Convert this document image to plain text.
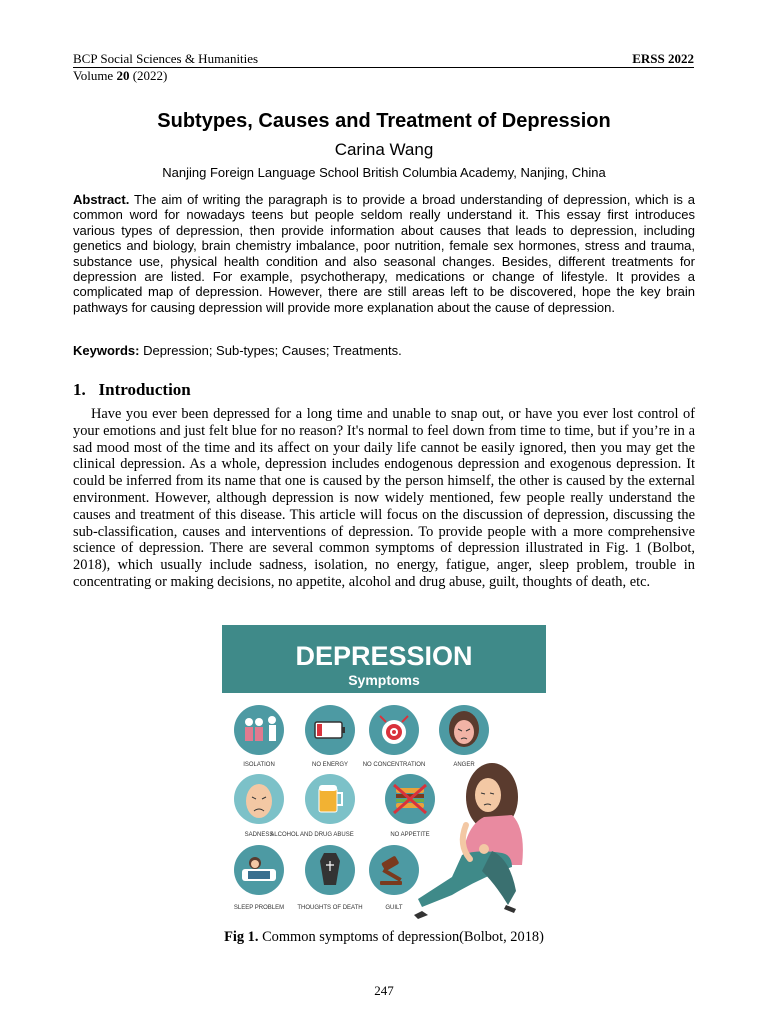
BCP Social Sciences & Humanities	ERSS 2022
Volume 20 (2022)
Subtypes, Causes and Treatment of Depression
Carina Wang
Nanjing Foreign Language School British Columbia Academy, Nanjing, China

Abstract. The aim of writing the paragraph is to provide a broad understanding of depression, which is a common word for nowadays teens but people seldom really understand it. This essay first introduces various types of depression, then provide information about causes that leads to depression, including genetics and biology, brain chemistry imbalance, poor nutrition, female sex hormones, stress and trauma, substance use, physical health condition and also seasonal changes. Besides, different treatments for depression are listed. For example, psychotherapy, medications or change of lifestyle. It provides a complicated map of depression. However, there are still areas left to be discovered, hope the key brain pathways for causing depression will provide more explanation about the cause of depression.

Keywords: Depression; Sub-types; Causes; Treatments.

1. Introduction

Have you ever been depressed for a long time and unable to snap out, or have you ever lost control of your emotions and just felt blue for no reason? It's normal to feel down from time to time, but if you’re in a sad mood most of the time and its affect on your daily life cannot be easily ignored, then you may get the clinical depression. As a whole, depression includes endogenous depression and exogenous depression. It could be inferred from its name that one is caused by the person himself, the other is caused by the external environment. However, although depression is now widely mentioned, few people really understand the causes and treatment of this disease. This article will focus on the discussion of depression, discussing the sub-classification, causes and interventions of depression. To provide people with a more comprehensive science of depression. There are several common symptoms of depression illustrated in Fig. 1 (Bolbot, 2018), which usually include sadness, isolation, no energy, fatigue, anger, sleep problem, trouble in concentrating or making decisions, no appetite, alcohol and drug abuse, guilt, thoughts of death, etc.

DEPRESSION
Symptoms
ISOLATION	NO ENERGY NO CONCENTRATION	ANGER
SADNESS
ALCOHOL AND DRUG ABUSE	NO APPETITE
SLEEP PROBLEM THOUGHTS OF DEATH	GUILT
Fig 1. Common symptoms of depression(Bolbot, 2018)
247
